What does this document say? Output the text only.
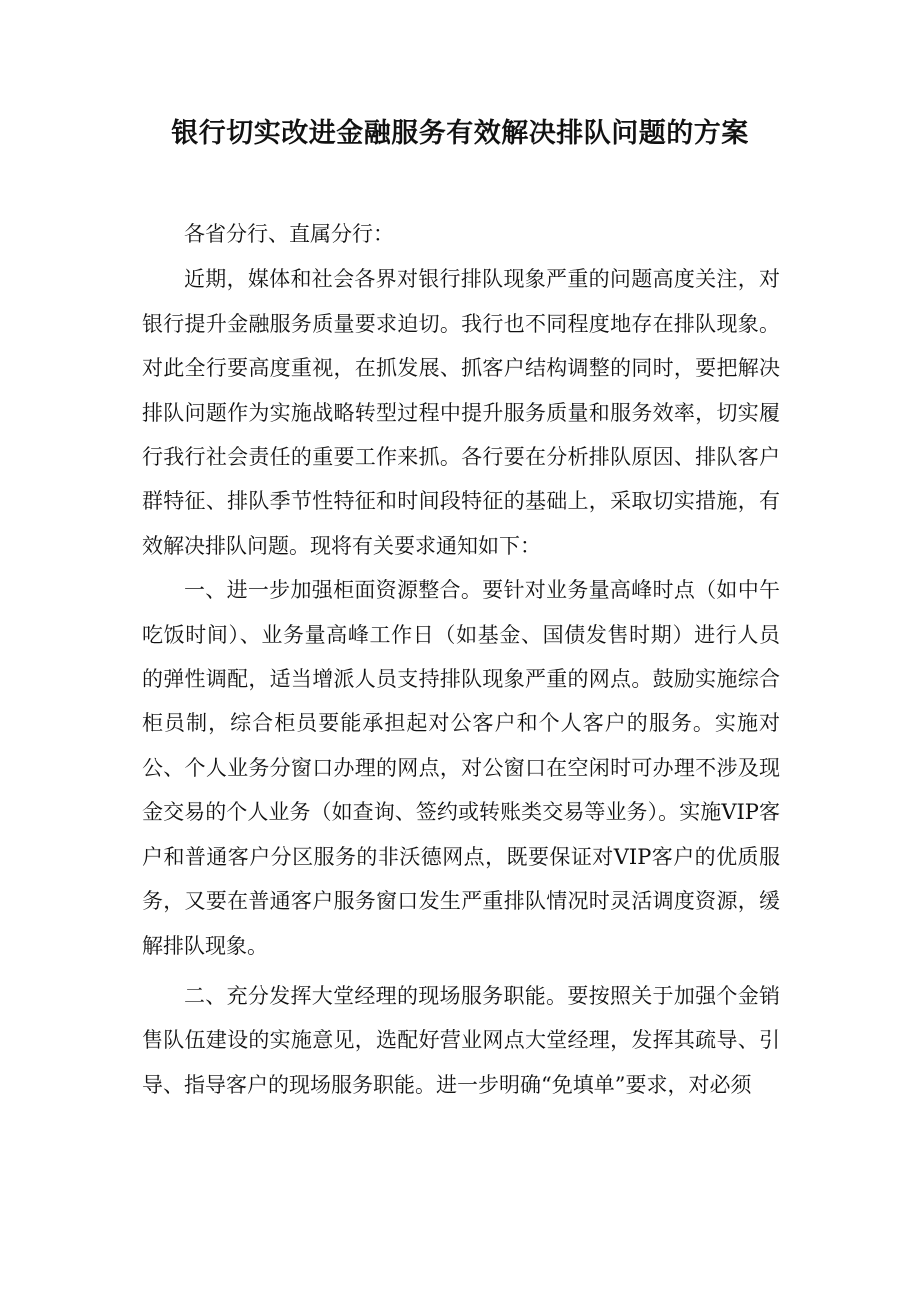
银行切实改进金融服务有效解决排队问题的方案

各省分行、直属分行：

近期，媒体和社会各界对银行排队现象严重的问题高度关注，对银行提升金融服务质量要求迫切。我行也不同程度地存在排队现象。对此全行要高度重视，在抓发展、抓客户结构调整的同时，要把解决排队问题作为实施战略转型过程中提升服务质量和服务效率，切实履行我行社会责任的重要工作来抓。各行要在分析排队原因、排队客户群特征、排队季节性特征和时间段特征的基础上，采取切实措施，有效解决排队问题。现将有关要求通知如下：

一、进一步加强柜面资源整合。要针对业务量高峰时点（如中午吃饭时间）、业务量高峰工作日（如基金、国债发售时期）进行人员的弹性调配，适当增派人员支持排队现象严重的网点。鼓励实施综合柜员制，综合柜员要能承担起对公客户和个人客户的服务。实施对公、个人业务分窗口办理的网点，对公窗口在空闲时可办理不涉及现金交易的个人业务（如查询、签约或转账类交易等业务）。实施VIP客户和普通客户分区服务的非沃德网点，既要保证对VIP客户的优质服务，又要在普通客户服务窗口发生严重排队情况时灵活调度资源，缓解排队现象。

二、充分发挥大堂经理的现场服务职能。要按照关于加强个金销售队伍建设的实施意见，选配好营业网点大堂经理，发挥其疏导、引导、指导客户的现场服务职能。进一步明确“免填单”要求，对必须
